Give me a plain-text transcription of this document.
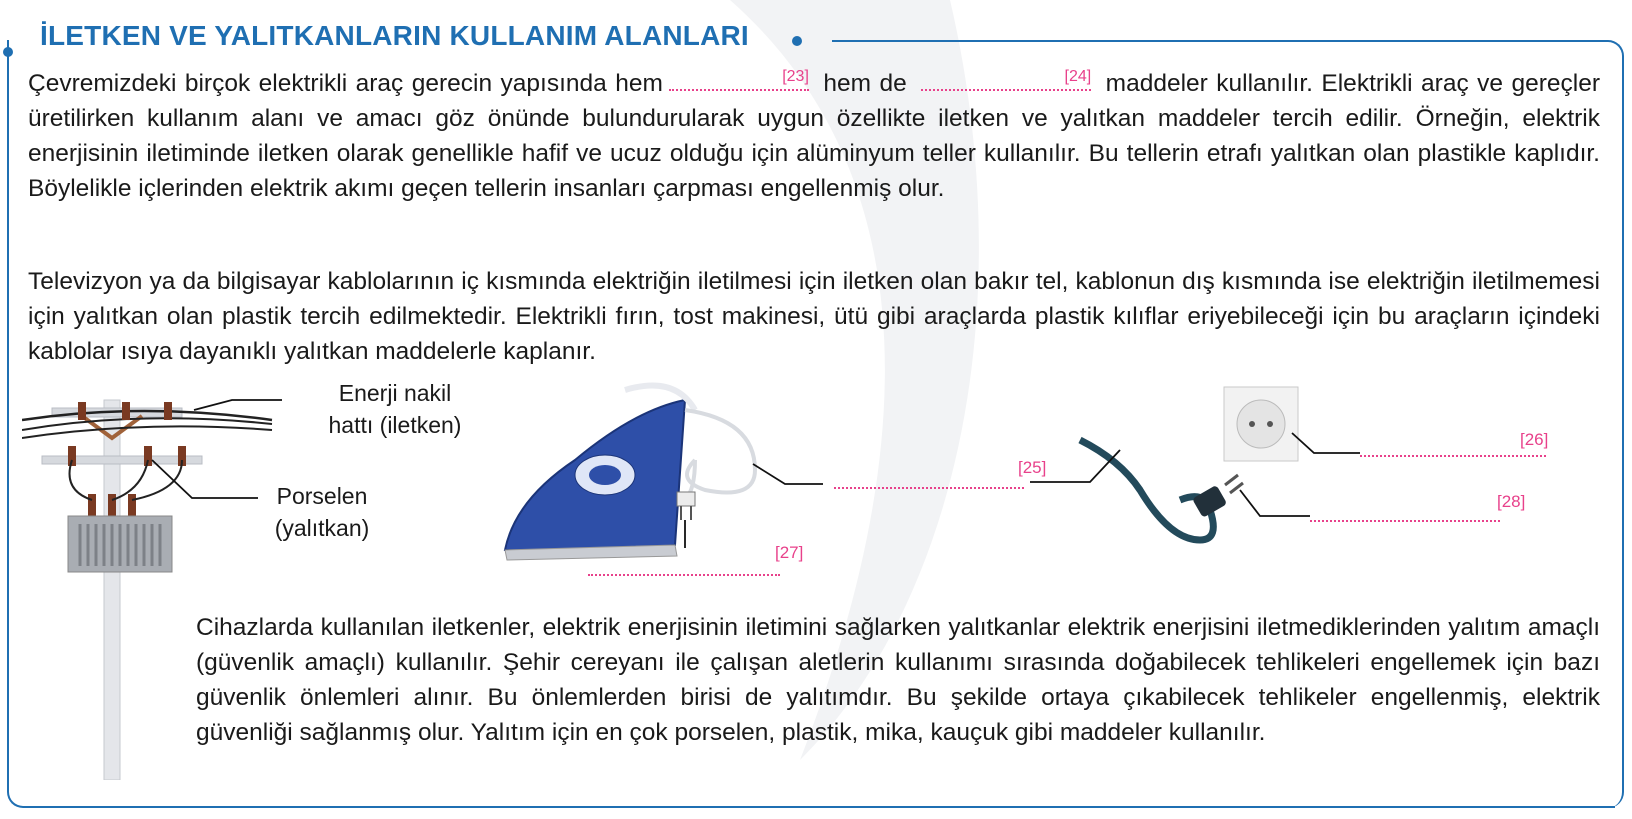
İLETKEN VE YALITKANLARIN KULLANIM ALANLARI

Çevremizdeki birçok elektrikli araç gerecin yapısında hem	[23] hem de	[24] maddeler kullanılır. Elektrikli araç ve gereçler üretilirken kullanım alanı ve amacı göz önünde bulundurularak uygun özellikte iletken ve yalıtkan maddeler tercih edilir. Örneğin, elektrik enerjisinin iletiminde iletken olarak genellikle hafif ve ucuz olduğu için alüminyum teller kullanılır. Bu tellerin etrafı yalıtkan olan plastikle kaplıdır. Böylelikle içlerinden elektrik akımı geçen tellerin insanları çarpması engellenmiş olur.

Televizyon ya da bilgisayar kablolarının iç kısmında elektriğin iletilmesi için iletken olan bakır tel, kablonun dış kısmında ise elektriğin iletilmemesi için yalıtkan olan plastik tercih edilmektedir. Elektrikli fırın, tost makinesi, ütü gibi araçlarda plastik kılıflar eriyebileceği için bu araçların içindeki kablolar ısıya dayanıklı yalıtkan maddelerle kaplanır.

Enerji nakil
hattı (iletken)
Porselen
(yalıtkan)
[25]
[27]
[26]
[28]

Cihazlarda kullanılan iletkenler, elektrik enerjisinin iletimini sağlarken yalıtkanlar elektrik enerjisini iletmediklerinden yalıtım amaçlı (güvenlik amaçlı) kullanılır. Şehir cereyanı ile çalışan aletlerin kullanımı sırasında doğabilecek tehlikeleri engellemek için bazı güvenlik önlemleri alınır. Bu önlemlerden birisi de yalıtımdır. Bu şekilde ortaya çıkabilecek tehlikeler engellenmiş, elektrik güvenliği sağlanmış olur. Yalıtım için en çok porselen, plastik, mika, kauçuk gibi maddeler kullanılır.
